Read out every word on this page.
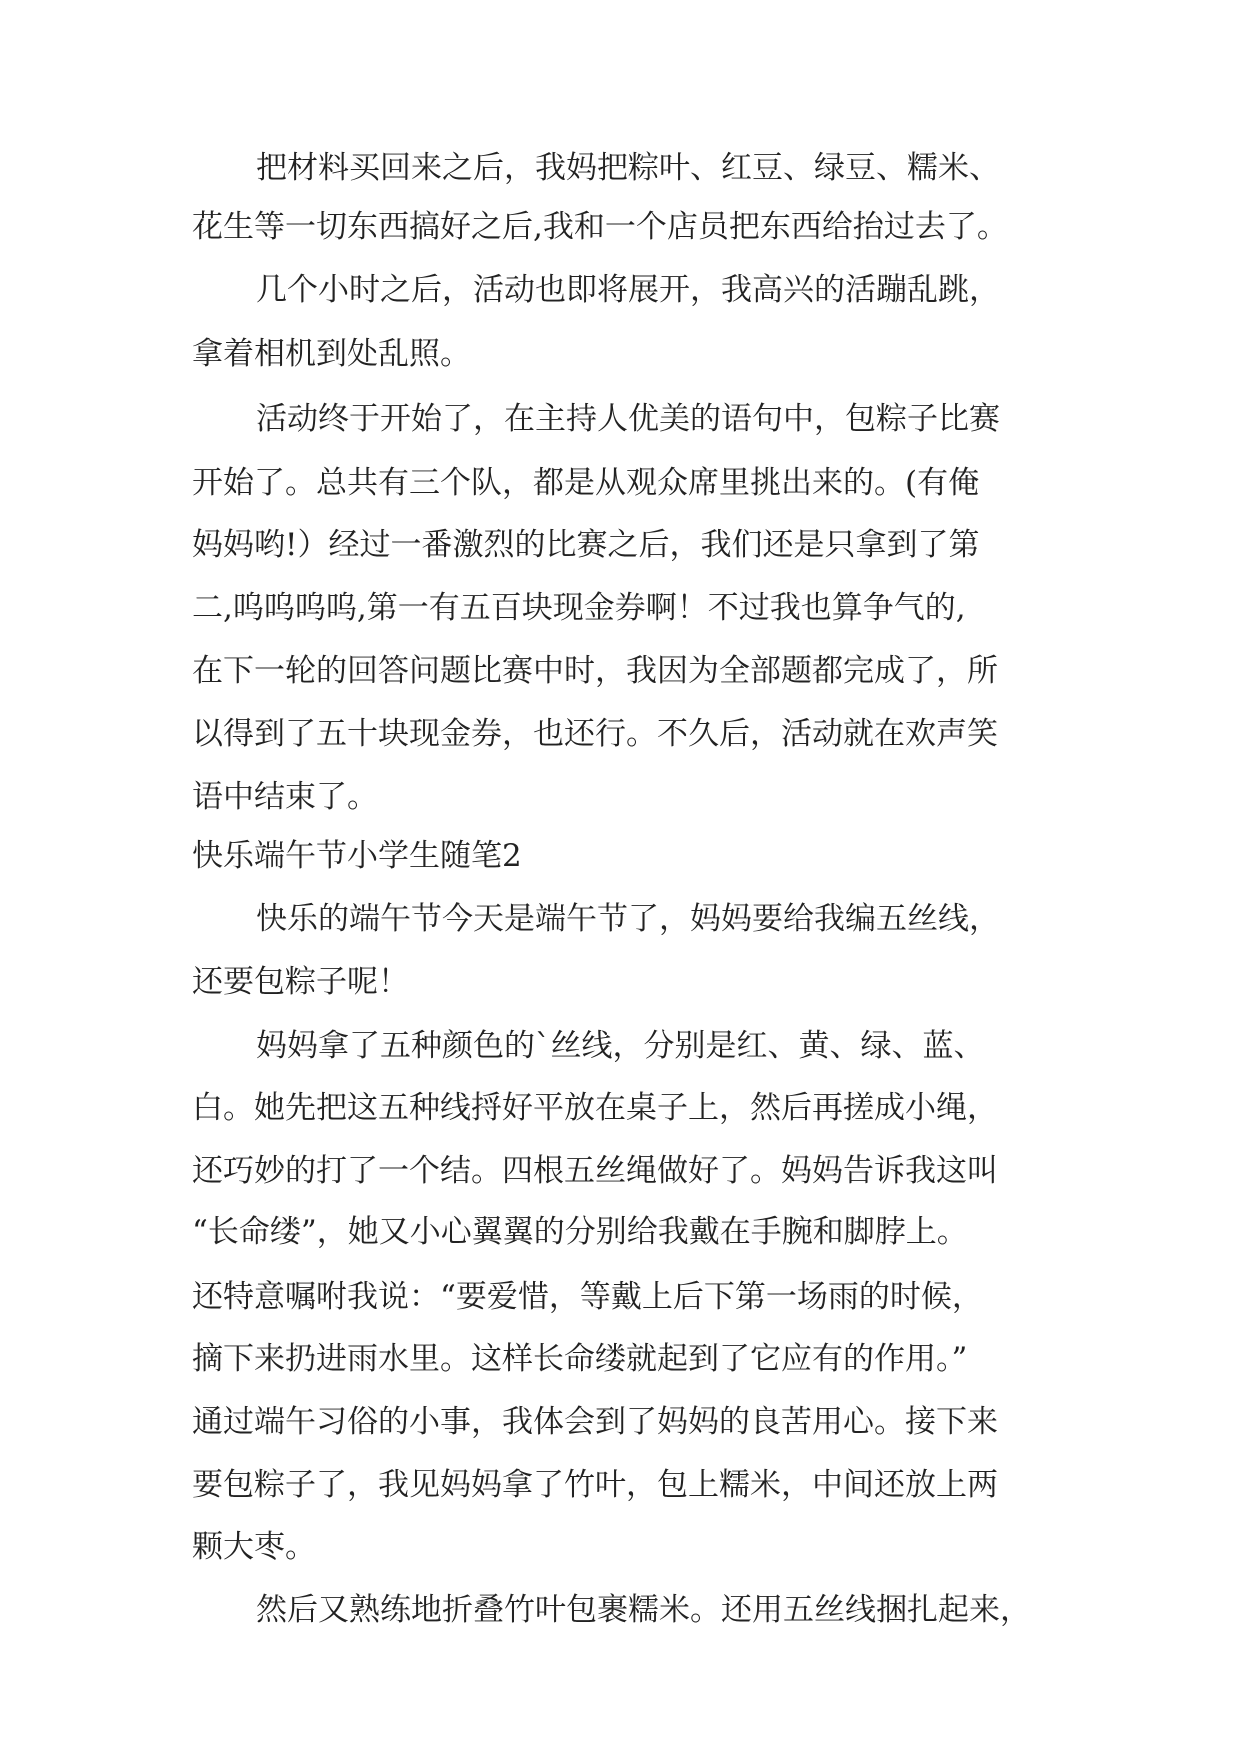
把材料买回来之后，我妈把粽叶、红豆、绿豆、糯米、
花生等一切东西搞好之后,我和一个店员把东西给抬过去了。
几个小时之后，活动也即将展开，我高兴的活蹦乱跳，
拿着相机到处乱照。
活动终于开始了，在主持人优美的语句中，包粽子比赛
开始了。总共有三个队，都是从观众席里挑出来的。(有俺
妈妈哟!）经过一番激烈的比赛之后，我们还是只拿到了第
二,呜呜呜呜,第一有五百块现金券啊！不过我也算争气的,
在下一轮的回答问题比赛中时，我因为全部题都完成了，所
以得到了五十块现金券，也还行。不久后，活动就在欢声笑
语中结束了。
快乐端午节小学生随笔2
快乐的端午节今天是端午节了，妈妈要给我编五丝线，
还要包粽子呢！
妈妈拿了五种颜色的`丝线，分别是红、黄、绿、蓝、
白。她先把这五种线捋好平放在桌子上，然后再搓成小绳，
还巧妙的打了一个结。四根五丝绳做好了。妈妈告诉我这叫
“长命缕”，她又小心翼翼的分别给我戴在手腕和脚脖上。
还特意嘱咐我说：“要爱惜，等戴上后下第一场雨的时候，
摘下来扔进雨水里。这样长命缕就起到了它应有的作用。”
通过端午习俗的小事，我体会到了妈妈的良苦用心。接下来
要包粽子了，我见妈妈拿了竹叶，包上糯米，中间还放上两
颗大枣。
然后又熟练地折叠竹叶包裹糯米。还用五丝线捆扎起来，
